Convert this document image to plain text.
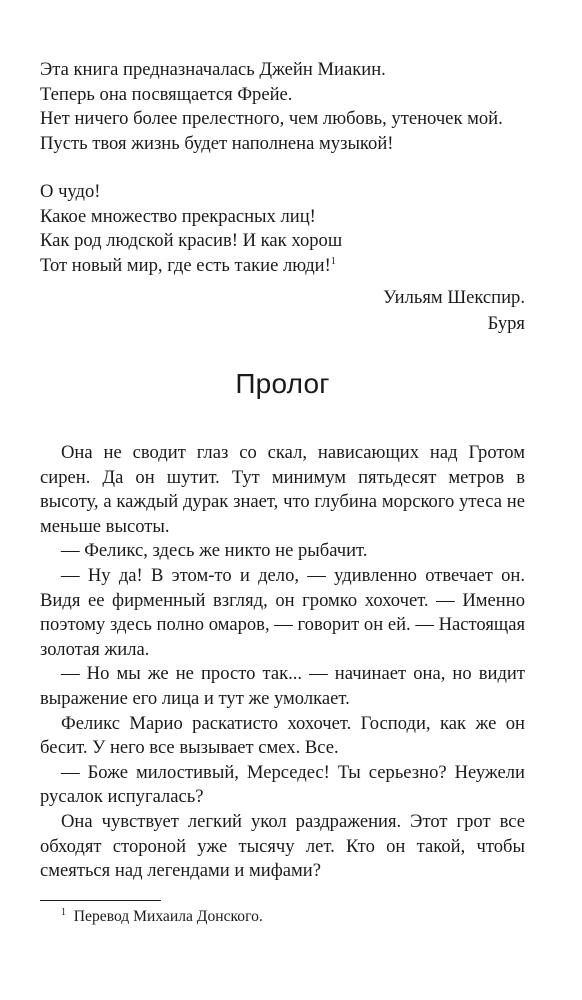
Эта книга предназначалась Джейн Миакин.

Теперь она посвящается Фрейе.

Нет ничего более прелестного, чем любовь, утеночек мой.

Пусть твоя жизнь будет наполнена музыкой!

О чудо!

Какое множество прекрасных лиц!

Как род людской красив! И как хорош

Тот новый мир, где есть такие люди!$^1$

Уильям Шекспир.

Буря

Пролог

Она не сводит глаз со скал, нависающих над Гротом сирен. Да он шутит. Тут минимум пятьдесят метров в высоту, а каждый дурак знает, что глубина морского утеса не меньше высоты.

— Феликс, здесь же никто не рыбачит.

— Ну да! В этом-то и дело, — удивленно отвечает он. Видя ее фирменный взгляд, он громко хохочет. — Именно поэтому здесь полно омаров, — говорит он ей. — Настоящая золотая жила.

— Но мы же не просто так... — начинает она, но видит выражение его лица и тут же умолкает.

Феликс Марио раскатисто хохочет. Господи, как же он бесит. У него все вызывает смех. Все.

— Боже милостивый, Мерседес! Ты серьезно? Неужели русалок испугалась?

Она чувствует легкий укол раздражения. Этот грот все обходят стороной уже тысячу лет. Кто он такой, чтобы смеяться над легендами и мифами?

$^1$ Перевод Михаила Донского.
